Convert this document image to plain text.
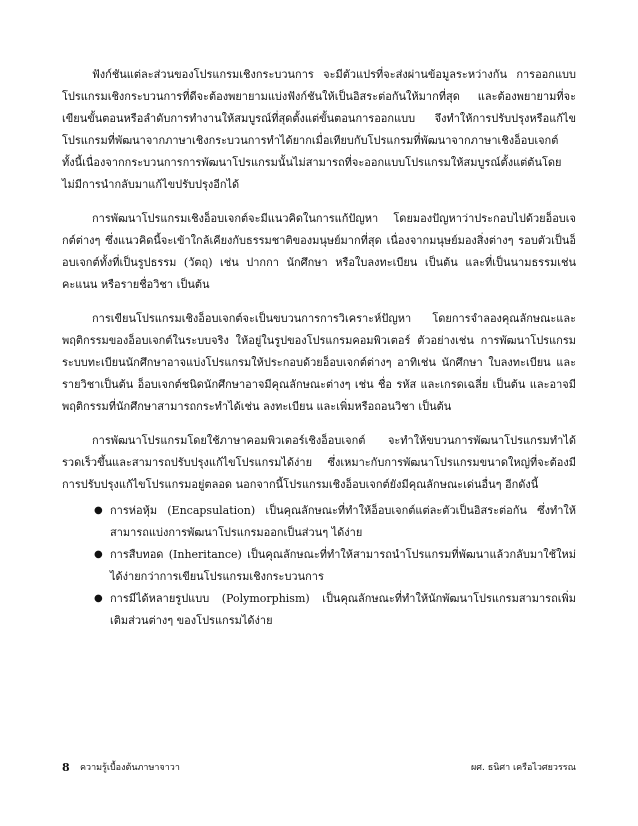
ฟังก์ชันแต่ละส่วนของโปรแกรมเชิงกระบวนการ จะมีตัวแปรที่จะส่งผ่านข้อมูลระหว่างกัน การออกแบบโปรแกรมเชิงกระบวนการที่ดีจะต้องพยายามแบ่งฟังก์ชันให้เป็นอิสระต่อกันให้มากที่สุด และต้องพยายามที่จะเขียนขั้นตอนหรือลำดับการทำงานให้สมบูรณ์ที่สุดตั้งแต่ขั้นตอนการออกแบบ จึงทำให้การปรับปรุงหรือแก้ไขโปรแกรมที่พัฒนาจากภาษาเชิงกระบวนการทำได้ยากเมื่อเทียบกับโปรแกรมที่พัฒนาจากภาษาเชิงอ็อบเจกต์ ทั้งนี้เนื่องจากกระบวนการการพัฒนาโปรแกรมนั้นไม่สามารถที่จะออกแบบโปรแกรมให้สมบูรณ์ตั้งแต่ต้นโดยไม่มีการนำกลับมาแก้ไขปรับปรุงอีกได้

การพัฒนาโปรแกรมเชิงอ็อบเจกต์จะมีแนวคิดในการแก้ปัญหา โดยมองปัญหาว่าประกอบไปด้วยอ็อบเจกต์ต่างๆ ซึ่งแนวคิดนี้จะเข้าใกล้เคียงกับธรรมชาติของมนุษย์มากที่สุด เนื่องจากมนุษย์มองสิ่งต่างๆ รอบตัวเป็นอ็อบเจกต์ทั้งที่เป็นรูปธรรม (วัตถุ) เช่น ปากกา นักศึกษา หรือใบลงทะเบียน เป็นต้น และที่เป็นนามธรรมเช่น คะแนน หรือรายชื่อวิชา เป็นต้น

การเขียนโปรแกรมเชิงอ็อบเจกต์จะเป็นขบวนการการวิเคราะห์ปัญหา โดยการจำลองคุณลักษณะและพฤติกรรมของอ็อบเจกต์ในระบบจริง ให้อยู่ในรูปของโปรแกรมคอมพิวเตอร์ ตัวอย่างเช่น การพัฒนาโปรแกรมระบบทะเบียนนักศึกษาอาจแบ่งโปรแกรมให้ประกอบด้วยอ็อบเจกต์ต่างๆ อาทิเช่น นักศึกษา ใบลงทะเบียน และรายวิชาเป็นต้น อ็อบเจกต์ชนิดนักศึกษาอาจมีคุณลักษณะต่างๆ เช่น ชื่อ รหัส และเกรดเฉลี่ย เป็นต้น และอาจมีพฤติกรรมที่นักศึกษาสามารถกระทำได้เช่น ลงทะเบียน และเพิ่มหรือถอนวิชา เป็นต้น

การพัฒนาโปรแกรมโดยใช้ภาษาคอมพิวเตอร์เชิงอ็อบเจกต์ จะทำให้ขบวนการพัฒนาโปรแกรมทำได้รวดเร็วขึ้นและสามารถปรับปรุงแก้ไขโปรแกรมได้ง่าย ซึ่งเหมาะกับการพัฒนาโปรแกรมขนาดใหญ่ที่จะต้องมีการปรับปรุงแก้ไขโปรแกรมอยู่ตลอด นอกจากนี้โปรแกรมเชิงอ็อบเจกต์ยังมีคุณลักษณะเด่นอื่นๆ อีกดังนี้

● การห่อหุ้ม (Encapsulation) เป็นคุณลักษณะที่ทำให้อ็อบเจกต์แต่ละตัวเป็นอิสระต่อกัน ซึ่งทำให้สามารถแบ่งการพัฒนาโปรแกรมออกเป็นส่วนๆ ได้ง่าย
● การสืบทอด (Inheritance) เป็นคุณลักษณะที่ทำให้สามารถนำโปรแกรมที่พัฒนาแล้วกลับมาใช้ใหม่ได้ง่ายกว่าการเขียนโปรแกรมเชิงกระบวนการ
● การมีได้หลายรูปแบบ (Polymorphism) เป็นคุณลักษณะที่ทำให้นักพัฒนาโปรแกรมสามารถเพิ่มเติมส่วนต่างๆ ของโปรแกรมได้ง่าย
8 ความรู้เบื้องต้นภาษาจาวา	ผศ. ธนิศา เครือไวศยวรรณ
